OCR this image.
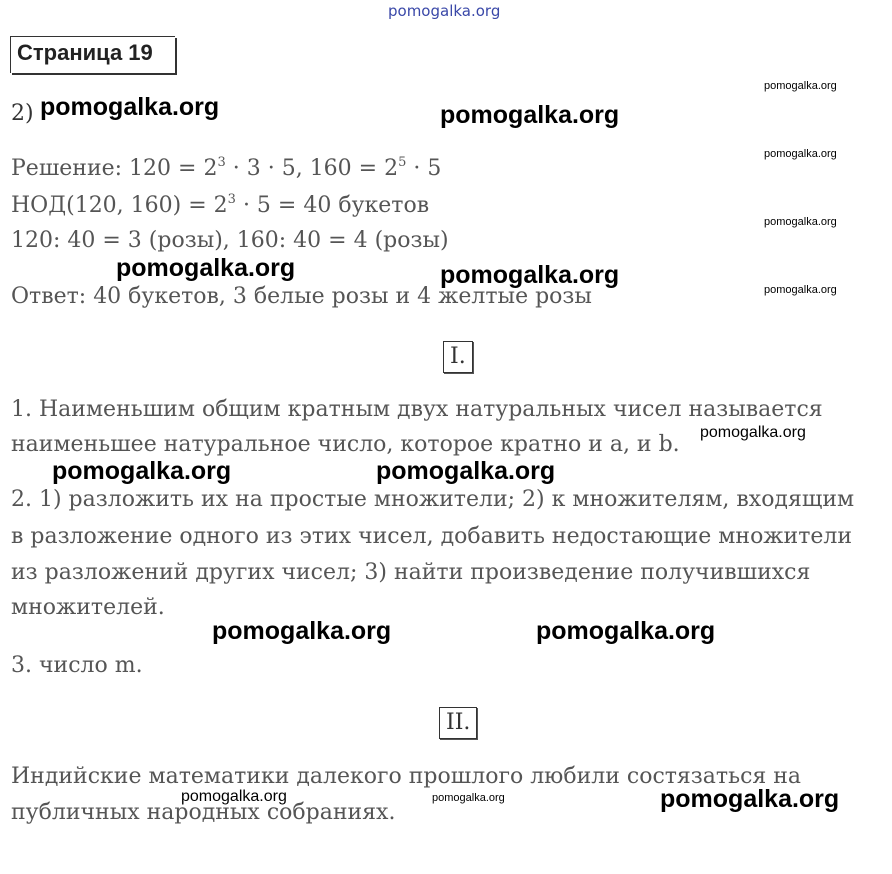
pomogalka.org
Страница 19
2)
Решение: $120 = 2^3 \cdot 3 \cdot 5$, $160 = 2^5 \cdot 5$
НОД(120, $160) = 2^3 \cdot 5 = 40$ букетов
120: 40 = 3 (розы), 160: 40 = 4 (розы)
Ответ: 40 букетов, 3 белые розы и 4 желтые розы
I.
1. Наименьшим общим кратным двух натуральных чисел называется
наименьшее натуральное число, которое кратно и a, и b.
2. 1) разложить их на простые множители; 2) к множителям, входящим
в разложение одного из этих чисел, добавить недостающие множители
из разложений других чисел; 3) найти произведение получившихся
множителей.
3. число m.
II.
Индийские математики далекого прошлого любили состязаться на
публичных народных собраниях.
pomogalka.org	pomogalka.org
pomogalka.org
pomogalka.org
pomogalka.org
pomogalka.org
pomogalka.org	pomogalka.org
pomogalka.org
pomogalka.org	pomogalka.org
pomogalka.org	pomogalka.org
pomogalka.org	pomogalka.org	pomogalka.org
